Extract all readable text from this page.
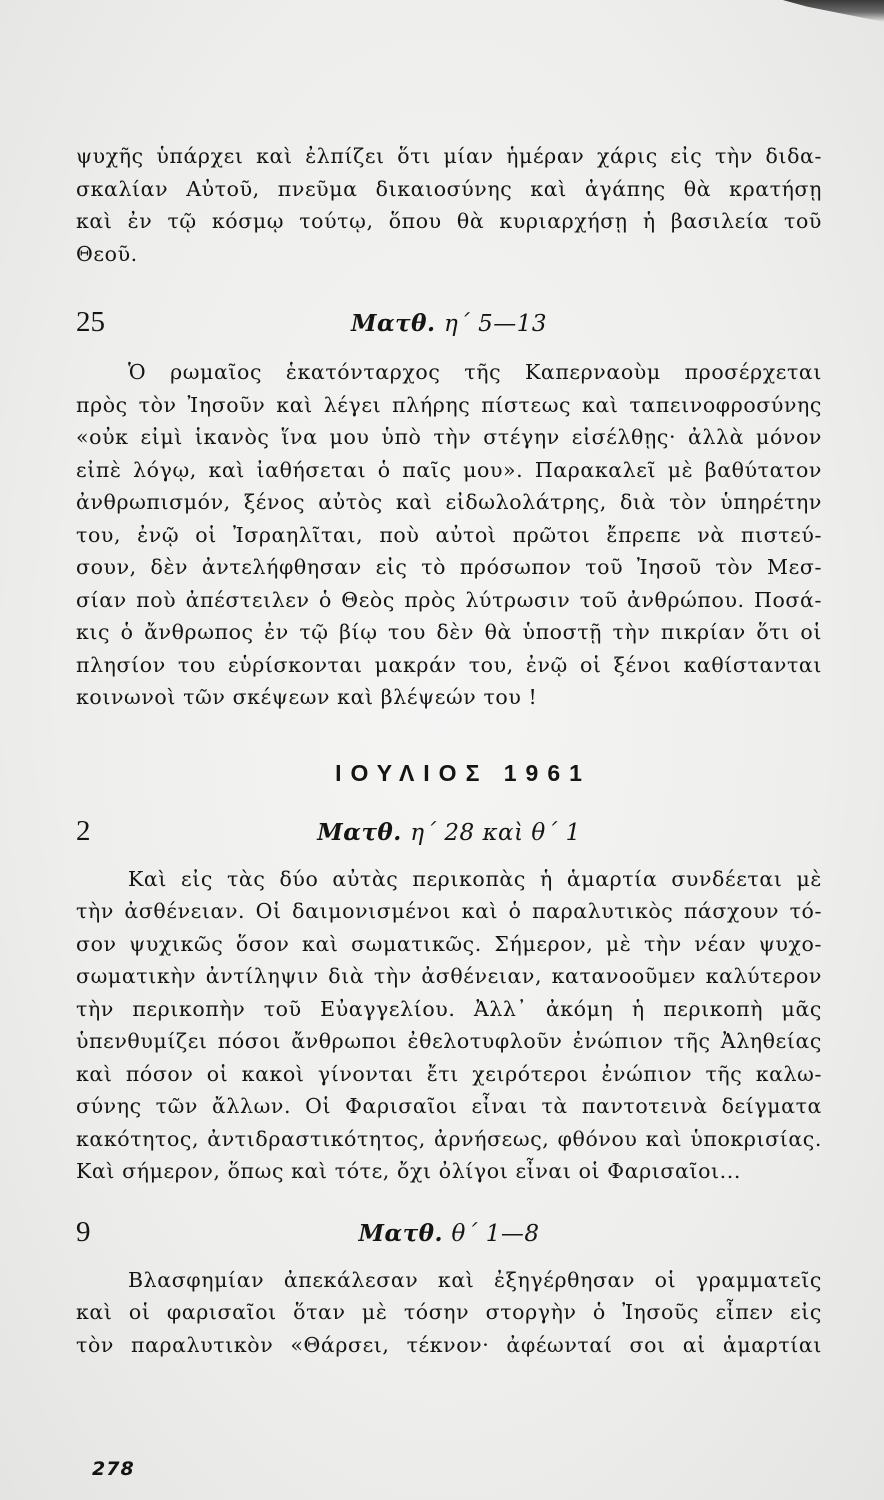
ψυχῆς ὑπάρχει καὶ ἐλπίζει ὅτι μίαν ἡμέραν χάρις εἰς τὴν διδα-
σκαλίαν Αὐτοῦ, πνεῦμα δικαιοσύνης καὶ ἀγάπης θὰ κρατήσῃ
καὶ ἐν τῷ κόσμῳ τούτῳ, ὅπου θὰ κυριαρχήσῃ ἡ βασιλεία τοῦ
Θεοῦ.

25	Ματθ. η΄ 5—13

Ὁ ρωμαῖος ἑκατόνταρχος τῆς Καπερναοὺμ προσέρχεται
πρὸς τὸν Ἰησοῦν καὶ λέγει πλήρης πίστεως καὶ ταπεινοφροσύνης
«οὐκ εἰμὶ ἱκανὸς ἵνα μου ὑπὸ τὴν στέγην εἰσέλθῃς· ἀλλὰ μόνον
εἰπὲ λόγῳ, καὶ ἰαθήσεται ὁ παῖς μου». Παρακαλεῖ μὲ βαθύτατον
ἀνθρωπισμόν, ξένος αὐτὸς καὶ εἰδωλολάτρης, διὰ τὸν ὑπηρέτην
του, ἐνῷ οἱ Ἰσραηλῖται, ποὺ αὐτοὶ πρῶτοι ἔπρεπε νὰ πιστεύ-
σουν, δὲν ἀντελήφθησαν εἰς τὸ πρόσωπον τοῦ Ἰησοῦ τὸν Μεσ-
σίαν ποὺ ἀπέστειλεν ὁ Θεὸς πρὸς λύτρωσιν τοῦ ἀνθρώπου. Ποσά-
κις ὁ ἄνθρωπος ἐν τῷ βίῳ του δὲν θὰ ὑποστῇ τὴν πικρίαν ὅτι οἱ
πλησίον του εὑρίσκονται μακράν του, ἐνῷ οἱ ξένοι καθίστανται
κοινωνοὶ τῶν σκέψεων καὶ βλέψεών του !

ΙΟΥΛΙΟΣ 1961
2	Ματθ. η΄ 28 καὶ θ΄ 1

Καὶ εἰς τὰς δύο αὐτὰς περικοπὰς ἡ ἁμαρτία συνδέεται μὲ
τὴν ἀσθένειαν. Οἱ δαιμονισμένοι καὶ ὁ παραλυτικὸς πάσχουν τό-
σον ψυχικῶς ὅσον καὶ σωματικῶς. Σήμερον, μὲ τὴν νέαν ψυχο-
σωματικὴν ἀντίληψιν διὰ τὴν ἀσθένειαν, κατανοοῦμεν καλύτερον
τὴν περικοπὴν τοῦ Εὐαγγελίου. Ἀλλ᾿ ἀκόμη ἡ περικοπὴ μᾶς
ὑπενθυμίζει πόσοι ἄνθρωποι ἐθελοτυφλοῦν ἐνώπιον τῆς Ἀληθείας
καὶ πόσον οἱ κακοὶ γίνονται ἔτι χειρότεροι ἐνώπιον τῆς καλω-
σύνης τῶν ἄλλων. Οἱ Φαρισαῖοι εἶναι τὰ παντοτεινὰ δείγματα
κακότητος, ἀντιδραστικότητος, ἀρνήσεως, φθόνου καὶ ὑποκρισίας.
Καὶ σήμερον, ὅπως καὶ τότε, ὄχι ὀλίγοι εἶναι οἱ Φαρισαῖοι...

9	Ματθ. θ΄ 1—8

Βλασφημίαν ἀπεκάλεσαν καὶ ἐξηγέρθησαν οἱ γραμματεῖς
καὶ οἱ φαρισαῖοι ὅταν μὲ τόσην στοργὴν ὁ Ἰησοῦς εἶπεν εἰς
τὸν παραλυτικὸν «Θάρσει, τέκνον· ἀφέωνταί σοι αἱ ἁμαρτίαι

278
